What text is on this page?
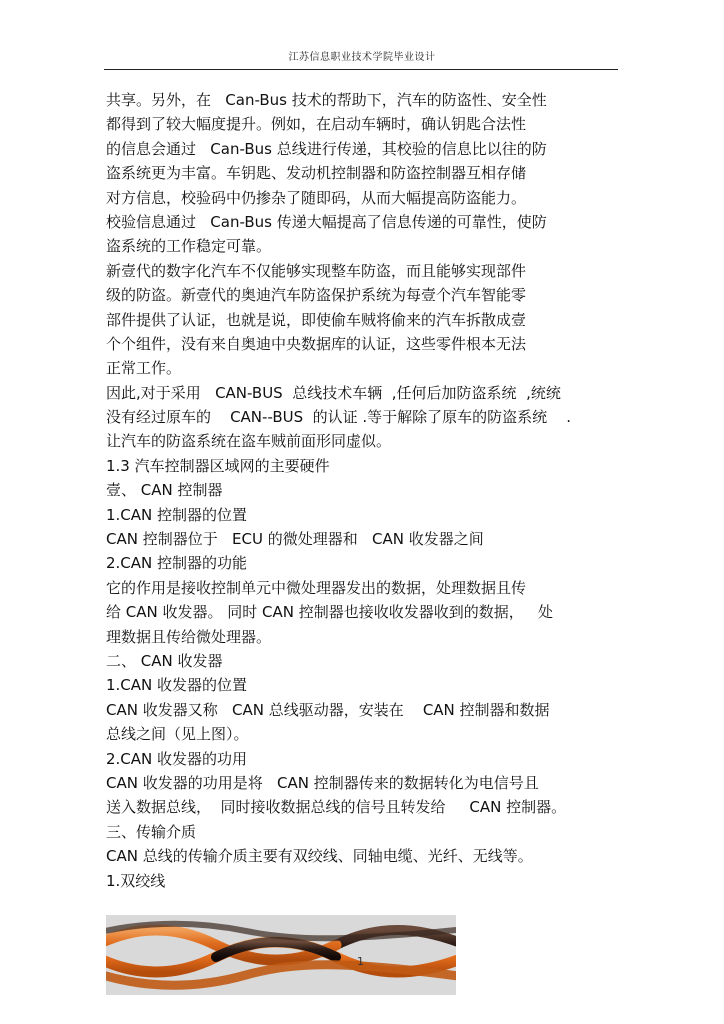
江苏信息职业技术学院毕业设计
共享。另外，在   Can-Bus 技术的帮助下，汽车的防盗性、安全性
都得到了较大幅度提升。例如，在启动车辆时，确认钥匙合法性
的信息会通过   Can-Bus 总线进行传递，其校验的信息比以往的防
盗系统更为丰富。车钥匙、发动机控制器和防盗控制器互相存储
对方信息，校验码中仍掺杂了随即码，从而大幅提高防盗能力。
校验信息通过   Can-Bus 传递大幅提高了信息传递的可靠性，使防
盗系统的工作稳定可靠。
新壹代的数字化汽车不仅能够实现整车防盗，而且能够实现部件
级的防盗。新壹代的奥迪汽车防盗保护系统为每壹个汽车智能零
部件提供了认证，也就是说，即使偷车贼将偷来的汽车拆散成壹
个个组件，没有来自奥迪中央数据库的认证，这些零件根本无法
正常工作。
因此,对于采用   CAN-BUS  总线技术车辆  ,任何后加防盗系统  ,统统
没有经过原车的    CAN--BUS  的认证 .等于解除了原车的防盗系统    .
让汽车的防盗系统在盗车贼前面形同虚似。
1.3 汽车控制器区域网的主要硬件
壹、 CAN 控制器
1.CAN 控制器的位置
CAN 控制器位于   ECU 的微处理器和   CAN 收发器之间
2.CAN 控制器的功能
它的作用是接收控制单元中微处理器发出的数据，处理数据且传
给 CAN 收发器。 同时 CAN 控制器也接收收发器收到的数据，   处
理数据且传给微处理器。
二、 CAN 收发器
1.CAN 收发器的位置
CAN 收发器又称   CAN 总线驱动器，安装在    CAN 控制器和数据
总线之间（见上图）。
2.CAN 收发器的功用
CAN 收发器的功用是将   CAN 控制器传来的数据转化为电信号且
送入数据总线，  同时接收数据总线的信号且转发给     CAN 控制器。
三、传输介质
CAN 总线的传输介质主要有双绞线、同轴电缆、光纤、无线等。
1.双绞线
1
